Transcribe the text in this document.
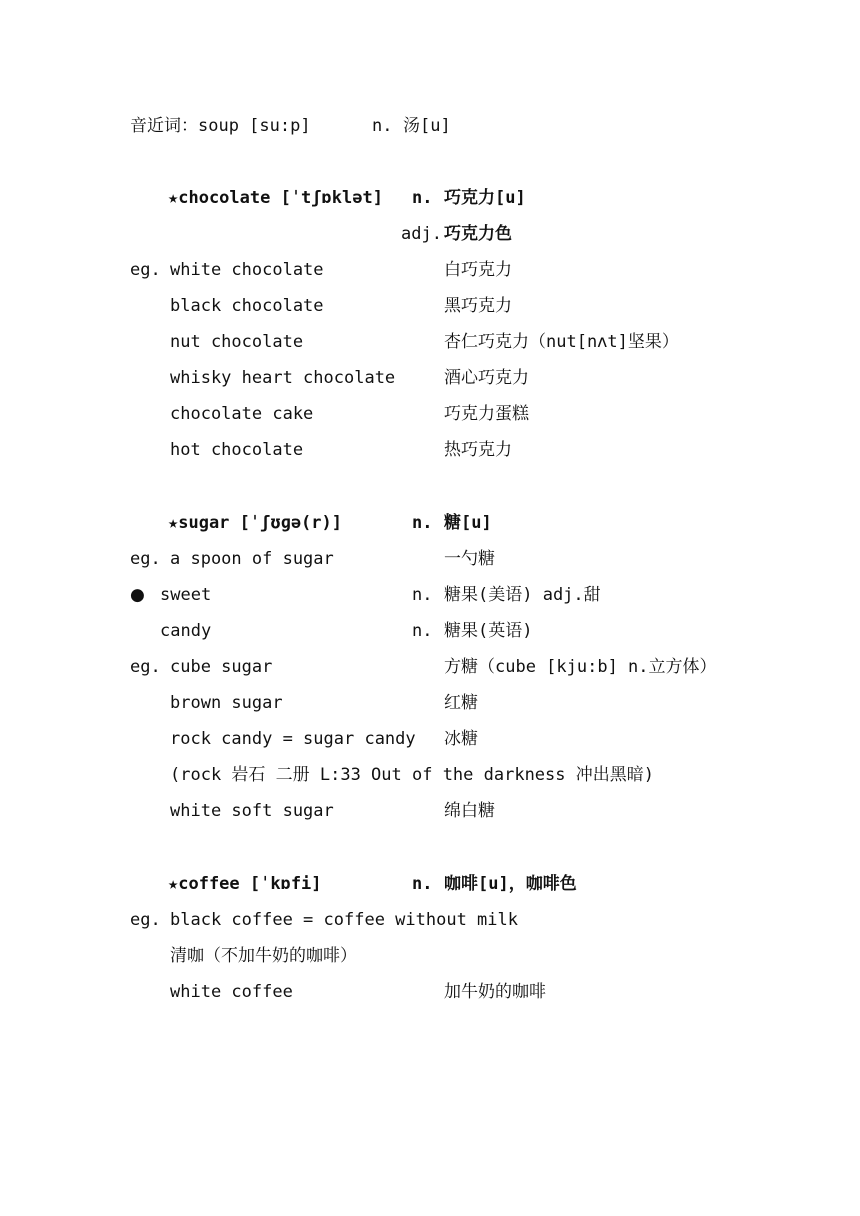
音近词：soup [su:p]	n. 汤[u]
★chocolate [ˈtʃɒklət] n. 巧克力[u]
adj. 巧克力色
eg. white chocolate	白巧克力
black chocolate	黑巧克力
nut chocolate	杏仁巧克力（nut[nʌt]坚果）
whisky heart chocolate	酒心巧克力
chocolate cake	巧克力蛋糕
hot chocolate	热巧克力
★sugar [ˈʃʊɡə(r)]	n. 糖[u]
eg. a spoon of sugar	一勺糖
● sweet	n. 糖果(美语) adj.甜
candy	n. 糖果(英语)
eg. cube sugar	方糖（cube [kju:b] n.立方体）
brown sugar	红糖
rock candy = sugar candy 冰糖
(rock 岩石 二册 L:33 Out of the darkness 冲出黑暗)
white soft sugar	绵白糖
★coffee [ˈkɒfi]	n. 咖啡[u]，咖啡色
eg. black coffee = coffee without milk
清咖（不加牛奶的咖啡）
white coffee	加牛奶的咖啡
